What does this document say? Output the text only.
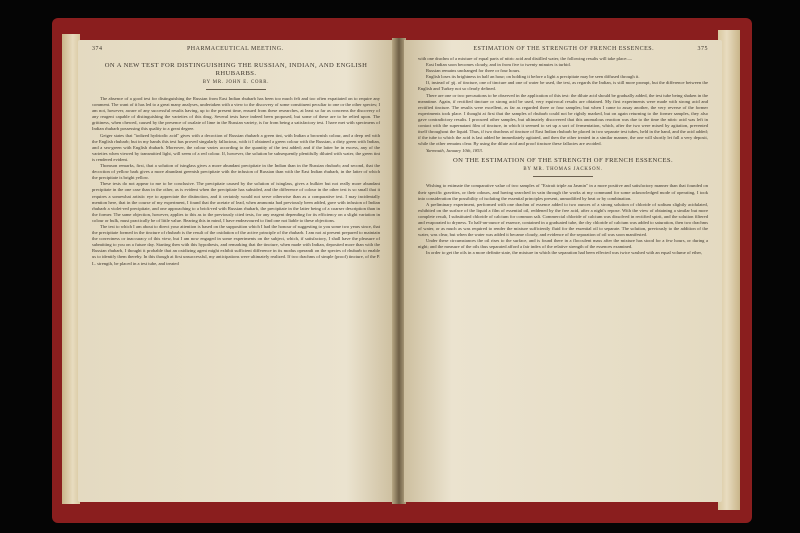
374	PHARMACEUTICAL MEETING.
ON A NEW TEST FOR DISTINGUISHING THE RUSSIAN, INDIAN, AND ENGLISH RHUBARBS.
BY MR. JOHN E. CORR.

The absence of a good test for distinguishing the Russian from East Indian rhubarb has been too much felt and too often expatiated on to require any comment. The want of it has led to a great many analyses, undertaken with a view to the discovery of some constituent peculiar to one or the other species; I am not, however, aware of any successful results having, up to the present time, ensued from these researches, at least so far as concerns the discovery of any reagent capable of distinguishing the varieties of this drug. Several tests have indeed been proposed, but some of these are to be relied upon. The grittiness, when chewed, caused by the presence of oxalate of lime in the Russian variety, is far from being a satisfactory test. I have met with specimens of Indian rhubarb possessing this quality to a great degree.

Geiger states that "iodized hydriodic acid" gives with a decoction of Russian rhubarb a green tint, with Indian a brownish colour, and a deep red with the English rhubarb; but in my hands this test has proved singularly fallacious, with it I obtained a green colour with the Russian, a dirty green with Indian, and a sea-green with English rhubarb. Moreover, the colour varies according to the quantity of the test added; and if the latter be in excess, any of the varieties when viewed by transmitted light, will seem of a red colour. If, however, the solution be subsequently plentifully diluted with water, the green tint is rendered evident.

Thomson remarks, first, that a solution of isinglass gives a more abundant precipitate in the Indian than in the Russian rhubarb; and second, that the decoction of yellow bark gives a more abundant greenish precipitate with the infusion of Russian than with the East Indian rhubarb, in the latter of which the precipitate is bright yellow.

These tests do not appear to me to be conclusive. The precipitate caused by the solution of isinglass, gives a bulkier but not really more abundant precipitate in the one case than in the other, as is evident when the precipitate has subsided, and the difference of colour in the other test is so small that it requires a somewhat artistic eye to appreciate the distinction, and it certainly would not serve otherwise than as a comparative test. I may incidentally mention here, that in the course of my experiment, I found that the acetate of lead, when ammonia had previously been added, gave with infusion of Indian rhubarb a violet-red precipitate, and one approaching to a brick-red with Russian rhubarb, the precipitate in the latter being of a coarser description than in the former. The same objection, however, applies to this as to the previously cited tests, for any reagent depending for its efficiency on a slight variation in colour or bulk, must practically be of little value. Bearing this in mind, I have endeavoured to find one not liable to these objections.

The test to which I am about to direct your attention is based on the supposition which I had the honour of suggesting to you some two years since, that the precipitate formed in the tincture of rhubarb is the result of the oxidation of the active principle of the rhubarb. I am not at present prepared to maintain the correctness or inaccuracy of this view, but I am now engaged in some experiments on the subject, which, if satisfactory, I shall have the pleasure of submitting to you on a future day. Starting then with this hypothesis, and remarking that the tincture, when made with Indian, deposited more than with the Russian rhubarb, I thought it probable that an oxidizing agent might exhibit sufficient difference in its modus operandi on the species of rhubarb to enable us to identify them thereby. In this though at first unsuccessful, my anticipations were ultimately realized. If two drachms of simple (proof) tincture, of the P. L. strength, be placed in a test tube, and treated

ESTIMATION OF THE STRENGTH OF FRENCH ESSENCES.	375

with one drachm of a mixture of equal parts of nitric acid and distilled water, the following results will take place:—

East Indian soon becomes cloudy, and in from five to twenty minutes is turbid.

Russian remains unchanged for three or four hours.

English loses its brightness in half an hour; on holding it before a light a precipitate may be seen diffused through it.

If, instead of ʒij. of tincture, one of tincture and one of water be used, the test, as regards the Indian, is still more prompt, but the difference between the English and Turkey not so clearly defined.

There are one or two precautions to be observed in the application of this test: the dilute acid should be gradually added, the test tube being shaken in the meantime. Again, if rectified tincture or strong acid be used, very equivocal results are obtained. My first experiments were made with strong acid and rectified tincture. The results were excellent, as far as regarded three or four samples; but when I came to assay another, the very reverse of the former experiments took place. I thought at first that the samples of rhubarb could not be rightly marked, but on again returning to the former samples, they also gave contradictory results. I procured other samples, but ultimately discovered that this anomalous reaction was due to the time the nitric acid was left in contact with the supernatant film of tincture, in which it seemed to set up a sort of fermentation, which, after the two were mixed by agitation, prevented itself throughout the liquid. Thus, if two drachms of tincture of East Indian rhubarb be placed in two separate test tubes, held in the hand, and the acid added; if the tube to which the acid is last added be immediately agitated, and then the other treated in a similar manner, the one will shortly let fall a very deposit, while the other remains clear. By using the dilute acid and proof tincture these fallacies are avoided.

Yarmouth, January 10th, 1853.
ON THE ESTIMATION OF THE STRENGTH OF FRENCH ESSENCES.
BY MR. THOMAS JACKSON.

Wishing to estimate the comparative value of two samples of "Extrait triple au Jasmin" in a more positive and satisfactory manner than that founded on their specific gravities, or their odours, and having searched in vain through the works at my command for some acknowledged mode of operating, I took into consideration the possibility of isolating the essential principles present, unmodified by heat or by combination.

A preliminary experiment, performed with one drachm of essence added to two ounces of a strong solution of chloride of sodium slightly acidulated, exhibited on the surface of the liquid a film of essential oil, reddened by the free acid, after a night's repose. With the view of obtaining a similar but more complete result, I substituted chloride of calcium for common salt. Commercial chloride of calcium was dissolved in rectified spirit, and the solution filtered and evaporated to dryness. To half-an-ounce of essence, contained in a graduated tube, the dry chloride of calcium was added to saturation, then two drachms of water, or as much as was required to render the mixture sufficiently fluid for the essential oil to separate. The solution, previously to the addition of the water, was clear, but when the water was added it became cloudy, and evidence of the separation of oil was soon manifested.

Under these circumstances the oil rises to the surface, and is found there in a flocculent mass after the mixture has stood for a few hours, or during a night; and the measure of the oils thus separated afford a fair index of the relative strength of the essences examined.

In order to get the oils in a more definite state, the mixture in which the separation had been effected was twice washed with an equal volume of ether,
